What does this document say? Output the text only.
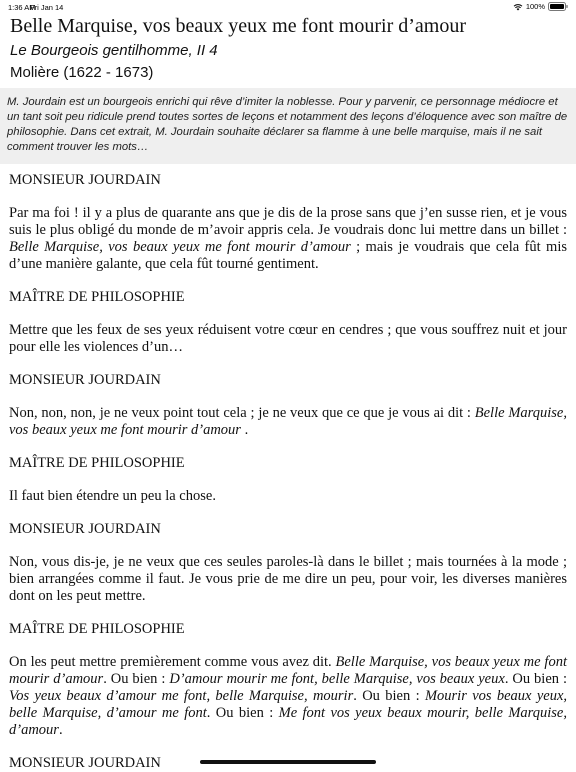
1:36 AM
Fri Jan 14	100%
Belle Marquise, vos beaux yeux me font mourir d’amour
Le Bourgeois gentilhomme, II 4
Molière (1622 - 1673)
M. Jourdain est un bourgeois enrichi qui rêve d’imiter la noblesse. Pour y parvenir, ce personnage médiocre et un tant soit peu ridicule prend toutes sortes de leçons et notamment des leçons d’éloquence avec son maître de philosophie. Dans cet extrait, M. Jourdain souhaite déclarer sa flamme à une belle marquise, mais il ne sait comment trouver les mots…

MONSIEUR JOURDAIN

Par ma foi ! il y a plus de quarante ans que je dis de la prose sans que j’en susse rien, et je vous suis le plus obligé du monde de m’avoir appris cela. Je voudrais donc lui mettre dans un billet : Belle Marquise, vos beaux yeux me font mourir d’amour ; mais je voudrais que cela fût mis d’une manière galante, que cela fût tourné gentiment.

MAÎTRE DE PHILOSOPHIE

Mettre que les feux de ses yeux réduisent votre cœur en cendres ; que vous souffrez nuit et jour pour elle les violences d’un…

MONSIEUR JOURDAIN

Non, non, non, je ne veux point tout cela ; je ne veux que ce que je vous ai dit : Belle Marquise, vos beaux yeux me font mourir d’amour .

MAÎTRE DE PHILOSOPHIE

Il faut bien étendre un peu la chose.

MONSIEUR JOURDAIN

Non, vous dis-je, je ne veux que ces seules paroles-là dans le billet ; mais tournées à la mode ; bien arrangées comme il faut. Je vous prie de me dire un peu, pour voir, les diverses manières dont on les peut mettre.

MAÎTRE DE PHILOSOPHIE

On les peut mettre premièrement comme vous avez dit. Belle Marquise, vos beaux yeux me font mourir d’amour. Ou bien : D’amour mourir me font, belle Marquise, vos beaux yeux. Ou bien : Vos yeux beaux d’amour me font, belle Marquise, mourir. Ou bien : Mourir vos beaux yeux, belle Marquise, d’amour me font. Ou bien : Me font vos yeux beaux mourir, belle Marquise, d’amour.

MONSIEUR JOURDAIN
